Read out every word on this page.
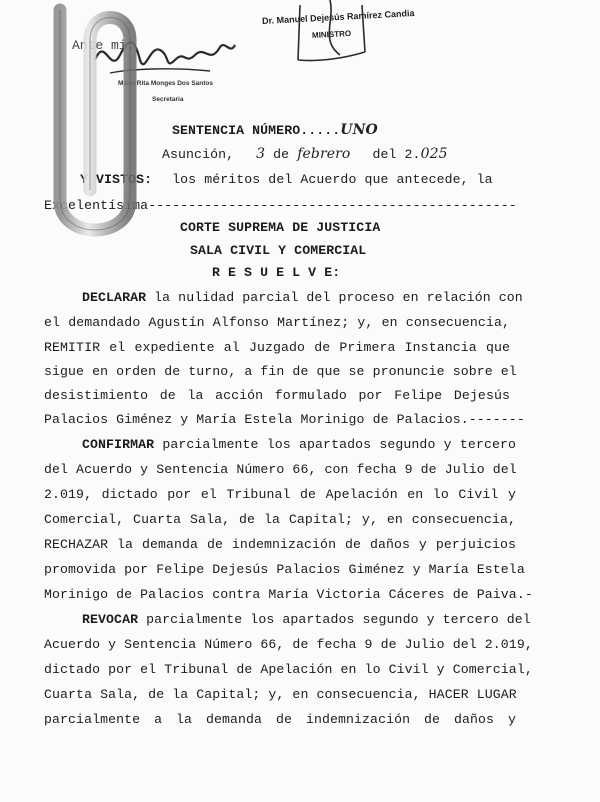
Ante mi:
Maria Rita Monges Dos Santos
Secretaria
Dr. Manuel Dejesús Ramírez Candia
MINISTRO
SENTENCIA NÚMERO.....UNO
Asunción, 3 de febrero del 2.025
Y VISTOS: los méritos del Acuerdo que antecede, la
Excelentísima----------------------------------------------
CORTE SUPREMA DE JUSTICIA
SALA CIVIL Y COMERCIAL
R E S U E L V E:
DECLARAR la nulidad parcial del proceso en relación con
el demandado Agustín Alfonso Martínez; y, en consecuencia,
REMITIR el expediente al Juzgado de Primera Instancia que
sigue en orden de turno, a fin de que se pronuncie sobre el
desistimiento de la acción formulado por Felipe Dejesús
Palacios Giménez y María Estela Morinigo de Palacios.-------
CONFIRMAR parcialmente los apartados segundo y tercero
del Acuerdo y Sentencia Número 66, con fecha 9 de Julio del
2.019, dictado por el Tribunal de Apelación en lo Civil y
Comercial, Cuarta Sala, de la Capital; y, en consecuencia,
RECHAZAR la demanda de indemnización de daños y perjuicios
promovida por Felipe Dejesús Palacios Giménez y María Estela
Morinigo de Palacios contra María Victoria Cáceres de Paiva.-
REVOCAR parcialmente los apartados segundo y tercero del
Acuerdo y Sentencia Número 66, de fecha 9 de Julio del 2.019,
dictado por el Tribunal de Apelación en lo Civil y Comercial,
Cuarta Sala, de la Capital; y, en consecuencia, HACER LUGAR
parcialmente a la demanda de indemnización de daños y
